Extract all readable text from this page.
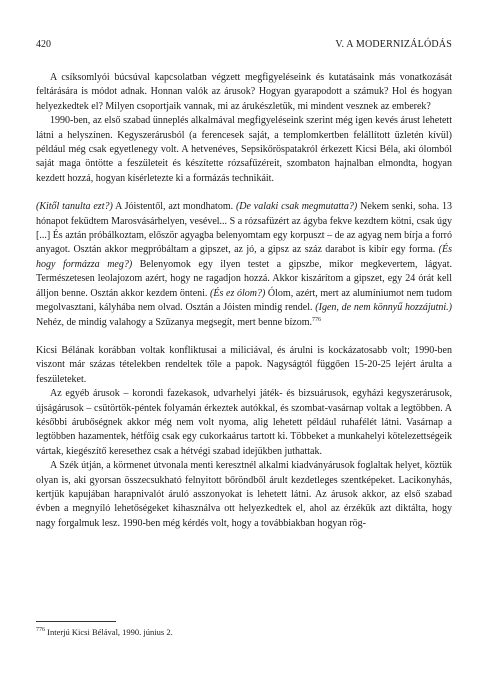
420	V. A MODERNIZÁLÓDÁS

A csíksomlyói búcsúval kapcsolatban végzett megfigyeléseink és kutatásaink más vonatkozását feltárására is módot adnak. Honnan valók az árusok? Hogyan gyarapodott a számuk? Hol és hogyan helyezkedtek el? Milyen csoportjaik vannak, mi az árukészletük, mi mindent vesznek az emberek?

1990-ben, az első szabad ünneplés alkalmával megfigyeléseink szerint még igen kevés árust lehetett látni a helyszínen. Kegyszerárusból (a ferencesek saját, a templomkertben felállított üzletén kívül) például még csak egyetlenegy volt. A hetvenéves, Sepsikőröspatakról érkezett Kicsi Béla, aki ólomból saját maga öntötte a feszületeit és készítette rózsafűzéreit, szombaton hajnalban elmondta, hogyan kezdett hozzá, hogyan kísérletezte ki a formázás technikáit.

(Kitől tanulta ezt?) A Jóistentől, azt mondhatom. (De valaki csak megmutatta?) Nekem senki, soha. 13 hónapot feküdtem Marosvásárhelyen, vesével... S a rózsafüzért az ágyba fekve kezdtem kötni, csak úgy [...] És aztán próbálkoztam, először agyagba belenyomtam egy korpuszt – de az agyag nem bírja a forró anyagot. Osztán akkor megpróbáltam a gipszet, az jó, a gipsz az száz darabot is kibír egy forma. (És hogy formázza meg?) Belenyomok egy ilyen testet a gipszbe, mikor megkevertem, lágyat. Természetesen leolajozom azért, hogy ne ragadjon hozzá. Akkor kiszárítom a gipszet, egy 24 órát kell álljon benne. Osztán akkor kezdem önteni. (És ez ólom?) Ólom, azért, mert az alumíniumot nem tudom megolvasztani, kályhába nem olvad. Osztán a Jóisten mindig rendel. (Igen, de nem könnyű hozzájutni.) Nehéz, de mindig valahogy a Szűzanya megsegít, mert benne bízom.$^{776}$

Kicsi Bélának korábban voltak konfliktusai a miliciával, és árulni is kockázatosabb volt; 1990-ben viszont már százas tételekben rendeltek tőle a papok. Nagyságtól függően 15-20-25 lejért árulta a feszületeket.

Az egyéb árusok – korondi fazekasok, udvarhelyi játék- és bizsuárusok, egyházi kegyszerárusok, újságárusok – csütörtök-péntek folyamán érkeztek autókkal, és szombat-vasárnap voltak a legtöbben. A későbbi árubőségnek akkor még nem volt nyoma, alig lehetett például ruhafélét látni. Vasárnap a legtöbben hazamentek, hétfőig csak egy cukorkaárus tartott ki. Többeket a munkahelyi kötelezettségeik vártak, kiegészítő keresethez csak a hétvégi szabad idejükben juthattak.

A Szék útján, a körmenet útvonala menti keresztnél alkalmi kiadványárusok foglaltak helyet, köztük olyan is, aki gyorsan összecsukható felnyitott bőröndből árult kezdetleges szentképeket. Lacikonyhás, kertjük kapujában harapnivalót áruló asszonyokat is lehetett látni. Az árusok akkor, az első szabad évben a megnyíló lehetőségeket kihasználva ott helyezkedtek el, ahol az érzékük azt diktálta, hogy nagy forgalmuk lesz. 1990-ben még kérdés volt, hogy a továbbiakban hogyan rög-

$^{776}$ Interjú Kicsi Bélával, 1990. június 2.
